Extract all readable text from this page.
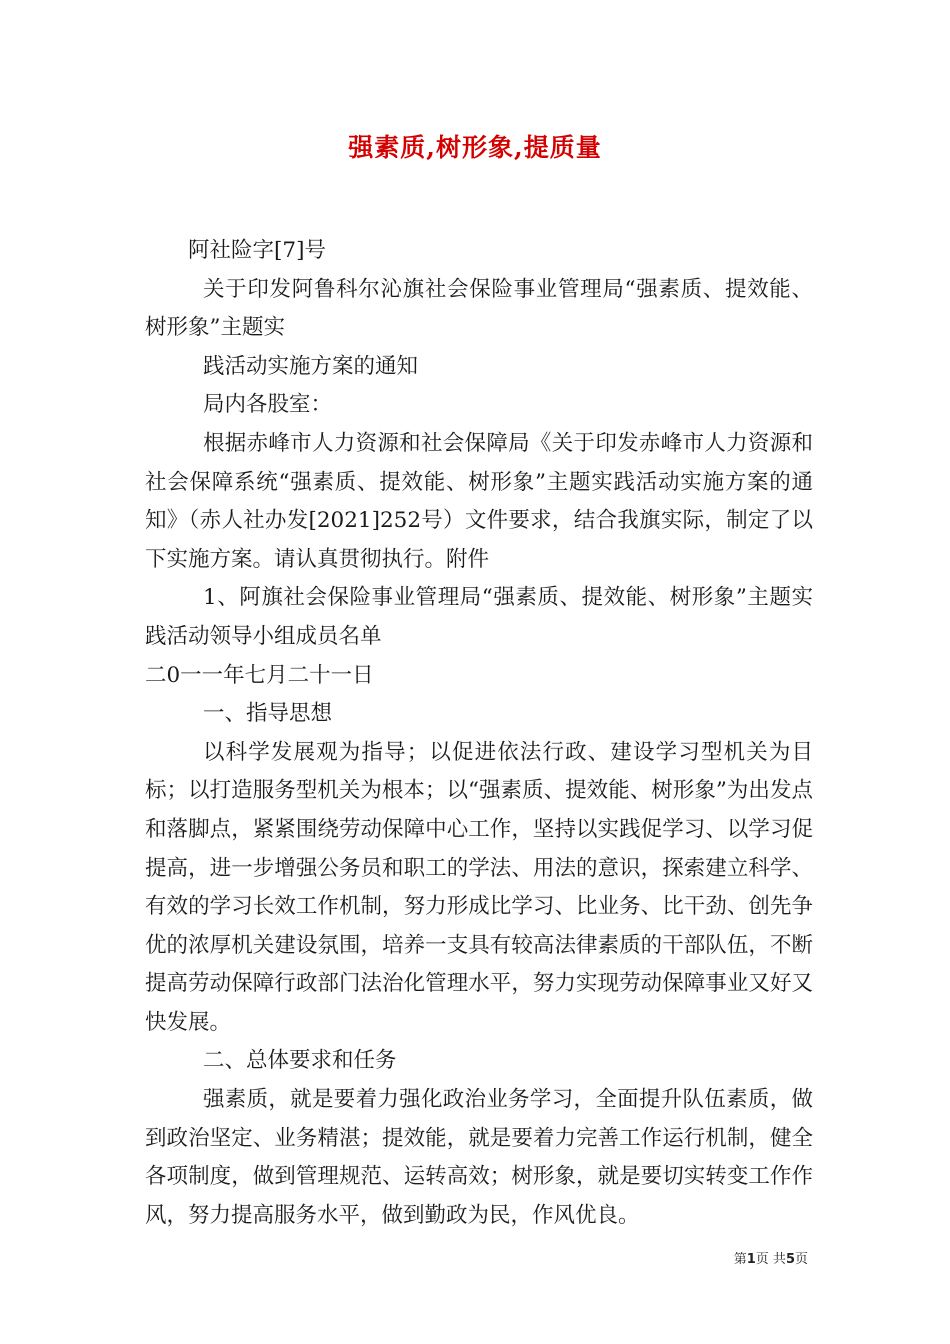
强素质,树形象,提质量

阿社险字[7]号

关于印发阿鲁科尔沁旗社会保险事业管理局“强素质、提效能、树形象”主题实

践活动实施方案的通知

局内各股室：

根据赤峰市人力资源和社会保障局《关于印发赤峰市人力资源和社会保障系统“强素质、提效能、树形象”主题实践活动实施方案的通知》（赤人社办发[2021]252号）文件要求，结合我旗实际，制定了以下实施方案。请认真贯彻执行。附件

1、阿旗社会保险事业管理局“强素质、提效能、树形象”主题实践活动领导小组成员名单

二0一一年七月二十一日

一、指导思想

以科学发展观为指导；以促进依法行政、建设学习型机关为目标；以打造服务型机关为根本；以“强素质、提效能、树形象”为出发点和落脚点，紧紧围绕劳动保障中心工作，坚持以实践促学习、以学习促提高，进一步增强公务员和职工的学法、用法的意识，探索建立科学、有效的学习长效工作机制，努力形成比学习、比业务、比干劲、创先争优的浓厚机关建设氛围，培养一支具有较高法律素质的干部队伍，不断提高劳动保障行政部门法治化管理水平，努力实现劳动保障事业又好又快发展。

二、总体要求和任务

强素质，就是要着力强化政治业务学习，全面提升队伍素质，做到政治坚定、业务精湛；提效能，就是要着力完善工作运行机制，健全各项制度，做到管理规范、运转高效；树形象，就是要切实转变工作作风，努力提高服务水平，做到勤政为民，作风优良。

第1页 共5页
